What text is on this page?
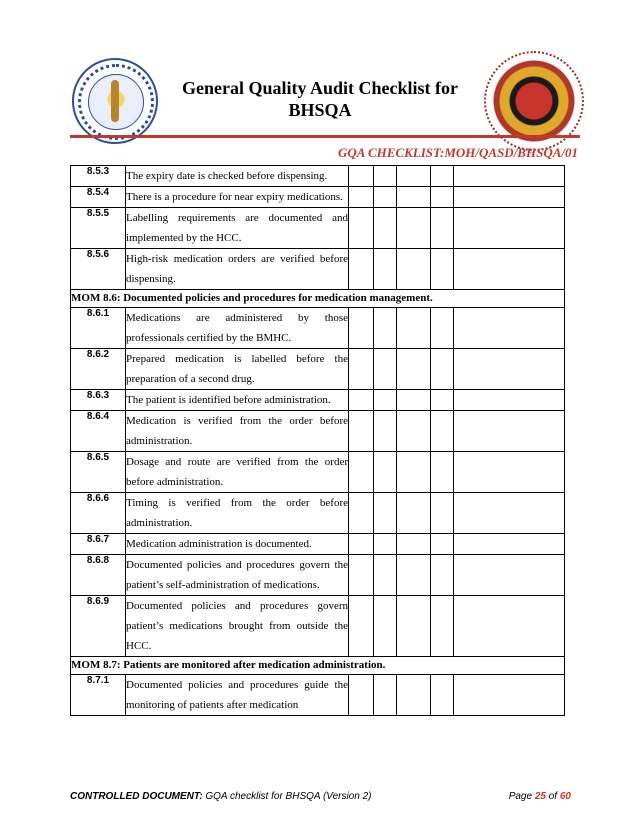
General Quality Audit Checklist for
BHSQA
GQA CHECKLIST:MOH/QASD/BHSQA/01
8.5.3	The expiry date is checked before dispensing.					
8.5.4	There is a procedure for near expiry medications.					
8.5.5	Labelling requirements are documented and implemented by the HCC.					
8.5.6	High-risk medication orders are verified before dispensing.					
MOM 8.6: Documented policies and procedures for medication management.						
8.6.1	Medications are administered by those professionals certified by the BMHC.					
8.6.2	Prepared medication is labelled before the preparation of a second drug.					
8.6.3	The patient is identified before administration.					
8.6.4	Medication is verified from the order before administration.					
8.6.5	Dosage and route are verified from the order before administration.					
8.6.6	Timing is verified from the order before administration.					
8.6.7	Medication administration is documented.					
8.6.8	Documented policies and procedures govern the patient’s self-administration of medications.					
8.6.9	Documented policies and procedures govern patient’s medications brought from outside the HCC.					
MOM 8.7: Patients are monitored after medication administration.						
8.7.1	Documented policies and procedures guide the monitoring of patients after medication					
CONTROLLED DOCUMENT: GQA checklist for BHSQA (Version 2)	Page 25 of 60
